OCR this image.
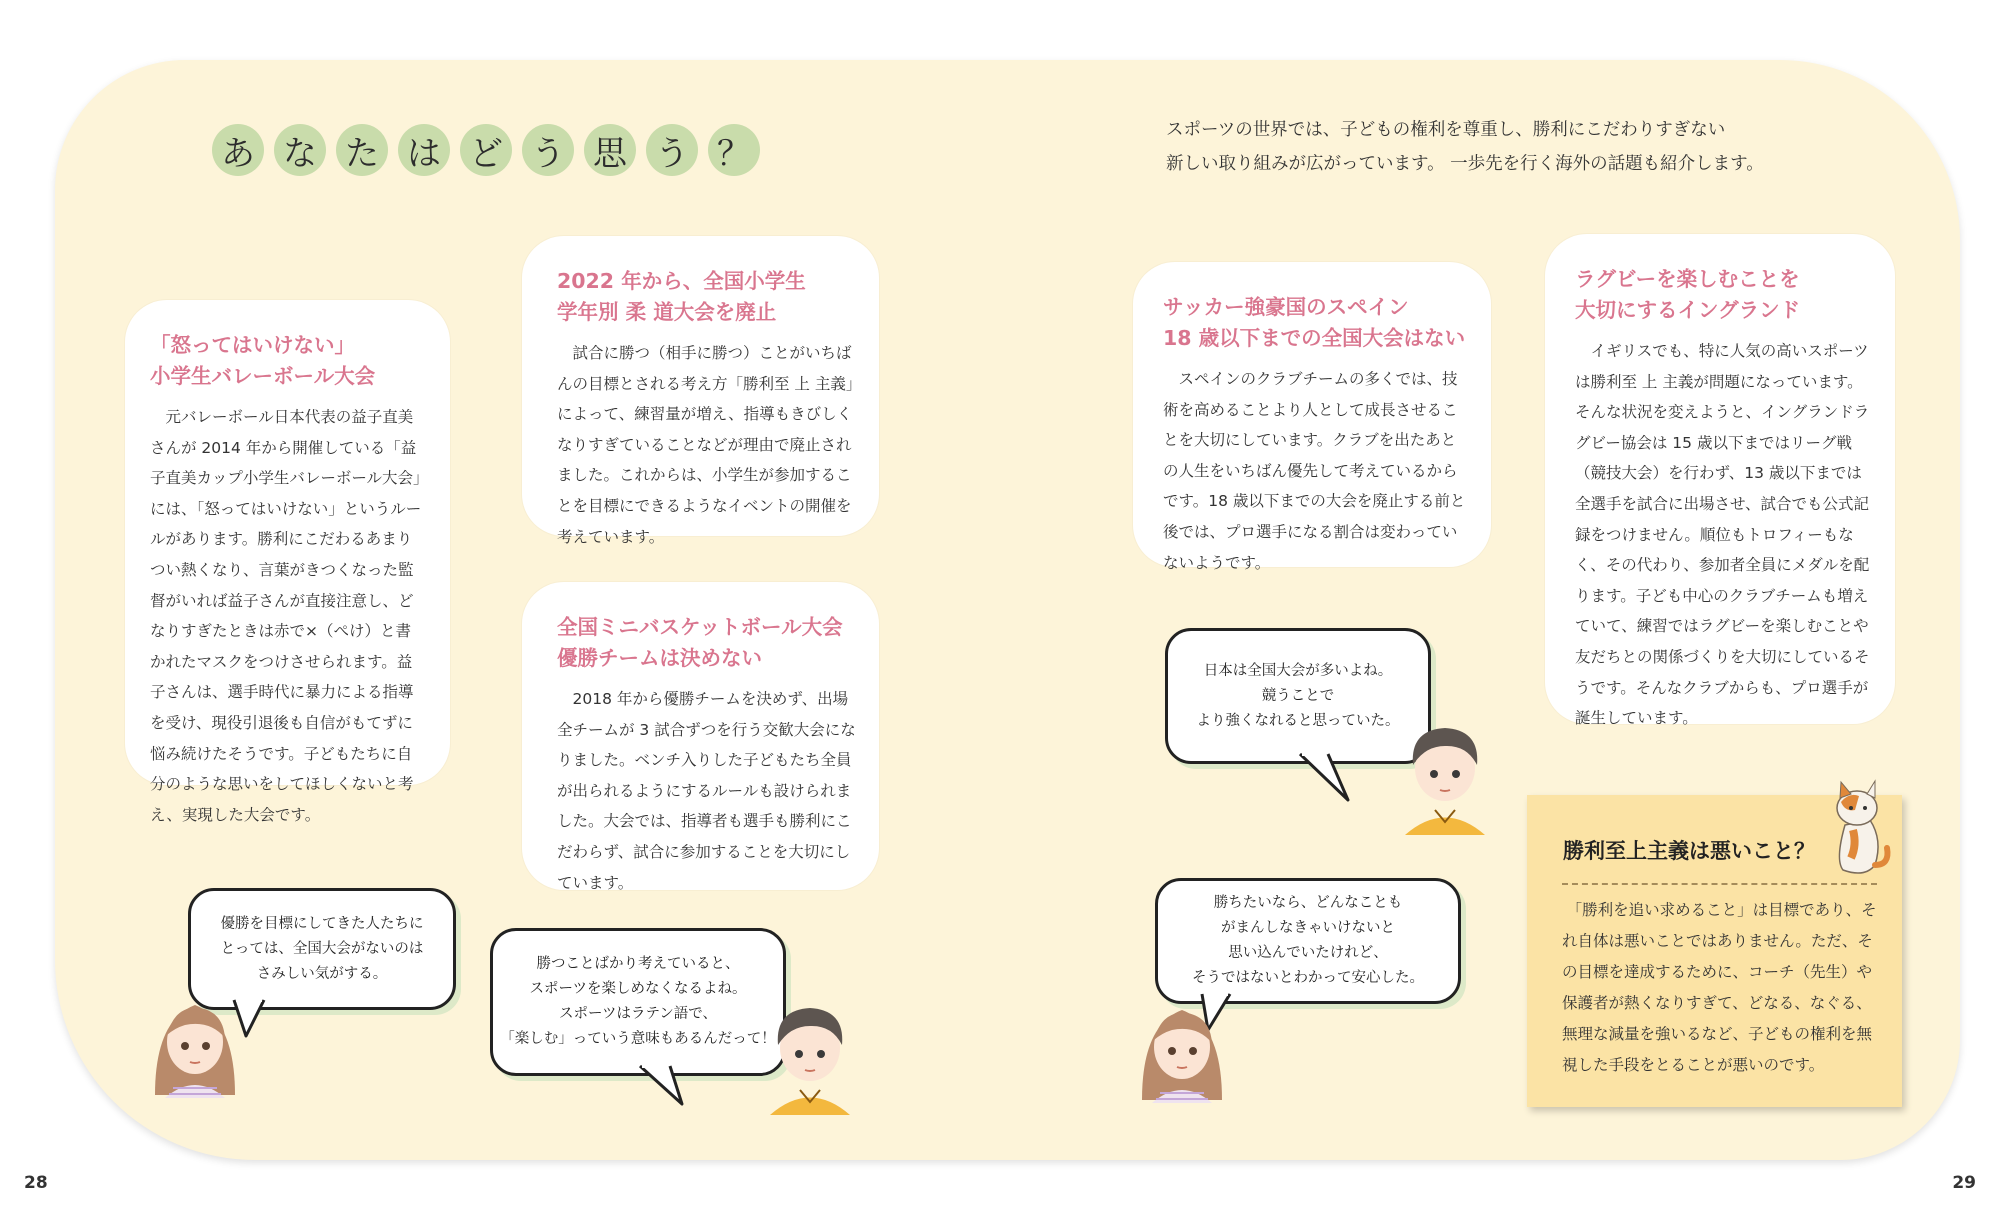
あ な た は ど う 思 う ？
スポーツの世界では、子どもの権利を尊重し、勝利にこだわりすぎない
新しい取り組みが広がっています。 一歩先を行く海外の話題も紹介します。
「怒ってはいけない」
小学生バレーボール大会

元バレーボール日本代表の益子直美さんが 2014 年から開催している「益子直美カップ小学生バレーボール大会」には、「怒ってはいけない」というルールがあります。勝利にこだわるあまりつい熱くなり、言葉がきつくなった監督がいれば益子さんが直接注意し、どなりすぎたときは赤で×（ぺけ）と書かれたマスクをつけさせられます。益子さんは、選手時代に暴力による指導を受け、現役引退後も自信がもてずに悩み続けたそうです。子どもたちに自分のような思いをしてほしくないと考え、実現した大会です。

2022 年から、全国小学生
学年別 柔 道大会を廃止

試合に勝つ（相手に勝つ）ことがいちばんの目標とされる考え方「勝利至 上 主義」によって、練習量が増え、指導もきびしくなりすぎていることなどが理由で廃止されました。これからは、小学生が参加することを目標にできるようなイベントの開催を考えています。

全国ミニバスケットボール大会
優勝チームは決めない

2018 年から優勝チームを決めず、出場全チームが 3 試合ずつを行う交歓大会になりました。ベンチ入りした子どもたち全員が出られるようにするルールも設けられました。大会では、指導者も選手も勝利にこだわらず、試合に参加することを大切にしています。

サッカー強豪国のスペイン
18 歳以下までの全国大会はない

スペインのクラブチームの多くでは、技 術を高めることより人として成長させることを大切にしています。クラブを出たあとの人生をいちばん優先して考えているからです。18 歳以下までの大会を廃止する前と後では、プロ選手になる割合は変わっていないようです。

ラグビーを楽しむことを
大切にするイングランド

イギリスでも、特に人気の高いスポーツは勝利至 上 主義が問題になっています。そんな状況を変えようと、イングランドラグビー協会は 15 歳以下まではリーグ戦（競技大会）を行わず、13 歳以下までは全選手を試合に出場させ、試合でも公式記録をつけません。順位もトロフィーもなく、その代わり、参加者全員にメダルを配ります。子ども中心のクラブチームも増えていて、練習ではラグビーを楽しむことや友だちとの関係づくりを大切にしているそうです。そんなクラブからも、プロ選手が誕生しています。

優勝を目標にしてきた人たちに
とっては、全国大会がないのは
さみしい気がする。
勝つことばかり考えていると、
スポーツを楽しめなくなるよね。
スポーツはラテン語で、
「楽しむ」っていう意味もあるんだって！
日本は全国大会が多いよね。
競うことで
より強くなれると思っていた。
勝ちたいなら、どんなことも
がまんしなきゃいけないと
思い込んでいたけれど、
そうではないとわかって安心した。
勝利至上主義は悪いこと？

「勝利を追い求めること」は目標であり、それ自体は悪いことではありません。ただ、その目標を達成するために、コーチ（先生）や保護者が熱くなりすぎて、どなる、なぐる、無理な減量を強いるなど、子どもの権利を無視した手段をとることが悪いのです。

28	29
